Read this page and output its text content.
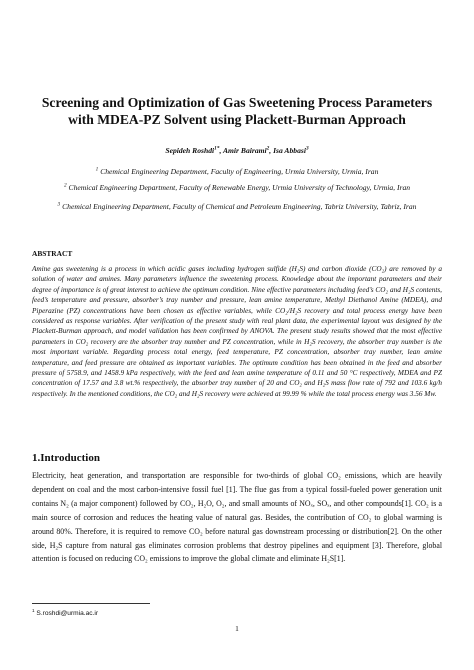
Screening and Optimization of Gas Sweetening Process Parameters with MDEA-PZ Solvent using Plackett-Burman Approach
Sepideh Roshdi$^{1*}$, Amir Bairami$^2$, Isa Abbasi$^3$
$^1$ Chemical Engineering Department, Faculty of Engineering, Urmia University, Urmia, Iran
$^2$ Chemical Engineering Department, Faculty of Renewable Energy, Urmia University of Technology, Urmia, Iran
$^3$ Chemical Engineering Department, Faculty of Chemical and Petroleum Engineering, Tabriz University, Tabriz, Iran
ABSTRACT
Amine gas sweetening is a process in which acidic gases including hydrogen sulfide (H₂S) and carbon dioxide (CO₂) are removed by a solution of water and amines. Many parameters influence the sweetening process. Knowledge about the important parameters and their degree of importance is of great interest to achieve the optimum condition. Nine effective parameters including feed’s CO₂ and H₂S contents, feed’s temperature and pressure, absorber’s tray number and pressure, lean amine temperature, Methyl Diethanol Amine (MDEA), and Piperazine (PZ) concentrations have been chosen as effective variables, while CO₂/H₂S recovery and total process energy have been considered as response variables. After verification of the present study with real plant data, the experimental layout was designed by the Plackett-Burman approach, and model validation has been confirmed by ANOVA. The present study results showed that the most effective parameters in CO₂ recovery are the absorber tray number and PZ concentration, while in H₂S recovery, the absorber tray number is the most important variable. Regarding process total energy, feed temperature, PZ concentration, absorber tray number, lean amine temperature, and feed pressure are obtained as important variables. The optimum condition has been obtained in the feed and absorber pressure of 5758.9, and 1458.9 kPa respectively, with the feed and lean amine temperature of 0.11 and 50 °C respectively, MDEA and PZ concentration of 17.57 and 3.8 wt.% respectively, the absorber tray number of 20 and CO₂ and H₂S mass flow rate of 792 and 103.6 kg/h respectively. In the mentioned conditions, the CO₂ and H₂S recovery were achieved at 99.99 % while the total process energy was 3.56 Mw.
1.Introduction
Electricity, heat generation, and transportation are responsible for two-thirds of global CO₂ emissions, which are heavily dependent on coal and the most carbon-intensive fossil fuel [1]. The flue gas from a typical fossil-fueled power generation unit contains N₂ (a major component) followed by CO₂, H₂O, O₂, and small amounts of NOₓ, SOₓ, and other compounds[1]. CO₂ is a main source of corrosion and reduces the heating value of natural gas. Besides, the contribution of CO₂ to global warming is around 80%. Therefore, it is required to remove CO₂ before natural gas downstream processing or distribution[2]. On the other side, H₂S capture from natural gas eliminates corrosion problems that destroy pipelines and equipment [3]. Therefore, global attention is focused on reducing CO₂ emissions to improve the global climate and eliminate H₂S[1].
$^1$ S.roshdi@urmia.ac.ir
1
